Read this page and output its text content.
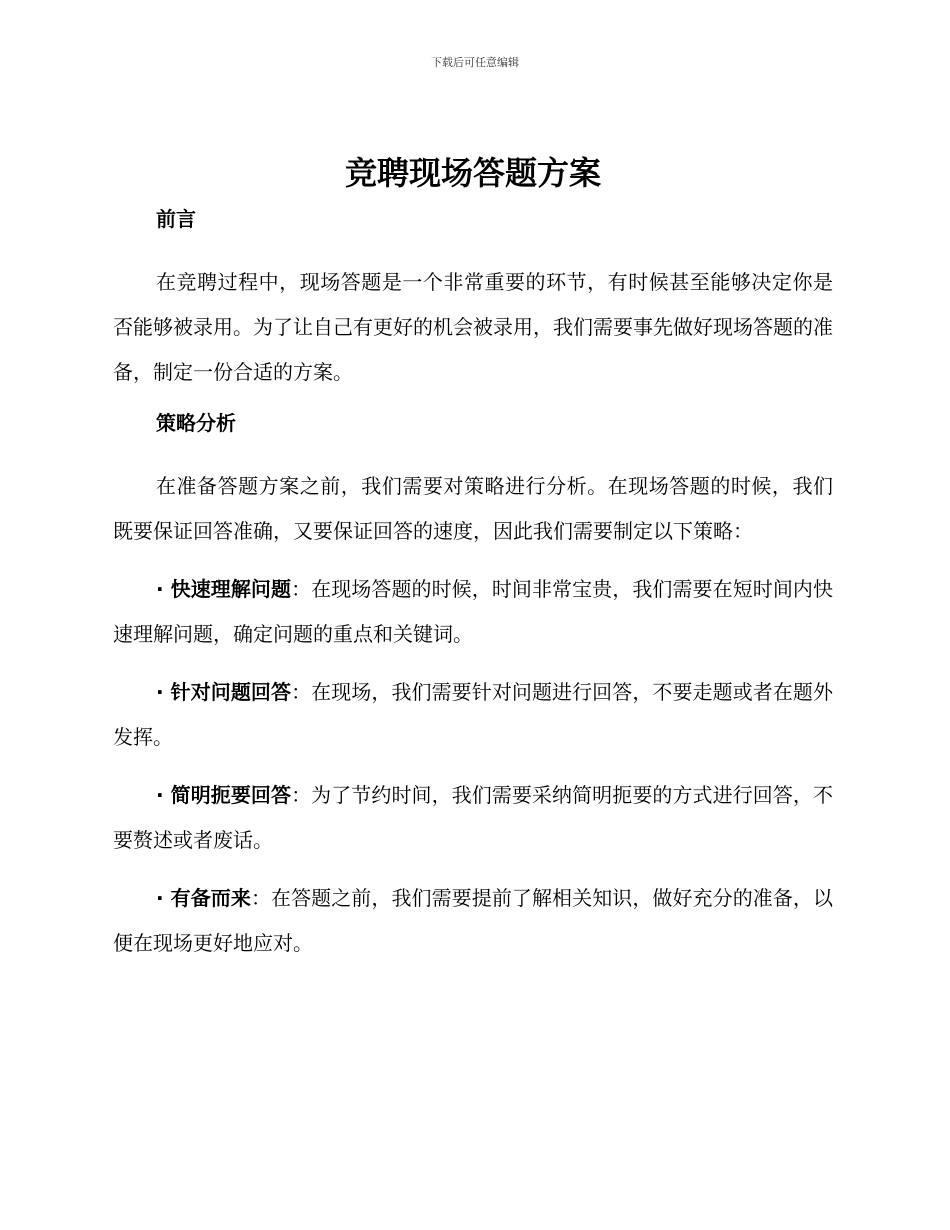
下载后可任意编辑
竞聘现场答题方案
前言

在竞聘过程中，现场答题是一个非常重要的环节，有时候甚至能够决定你是否能够被录用。为了让自己有更好的机会被录用，我们需要事先做好现场答题的准备，制定一份合适的方案。

策略分析

在准备答题方案之前，我们需要对策略进行分析。在现场答题的时候，我们既要保证回答准确，又要保证回答的速度，因此我们需要制定以下策略：

· 快速理解问题：在现场答题的时候，时间非常宝贵，我们需要在短时间内快速理解问题，确定问题的重点和关键词。

· 针对问题回答：在现场，我们需要针对问题进行回答，不要走题或者在题外发挥。

· 简明扼要回答：为了节约时间，我们需要采纳简明扼要的方式进行回答，不要赘述或者废话。

· 有备而来：在答题之前，我们需要提前了解相关知识，做好充分的准备，以便在现场更好地应对。
